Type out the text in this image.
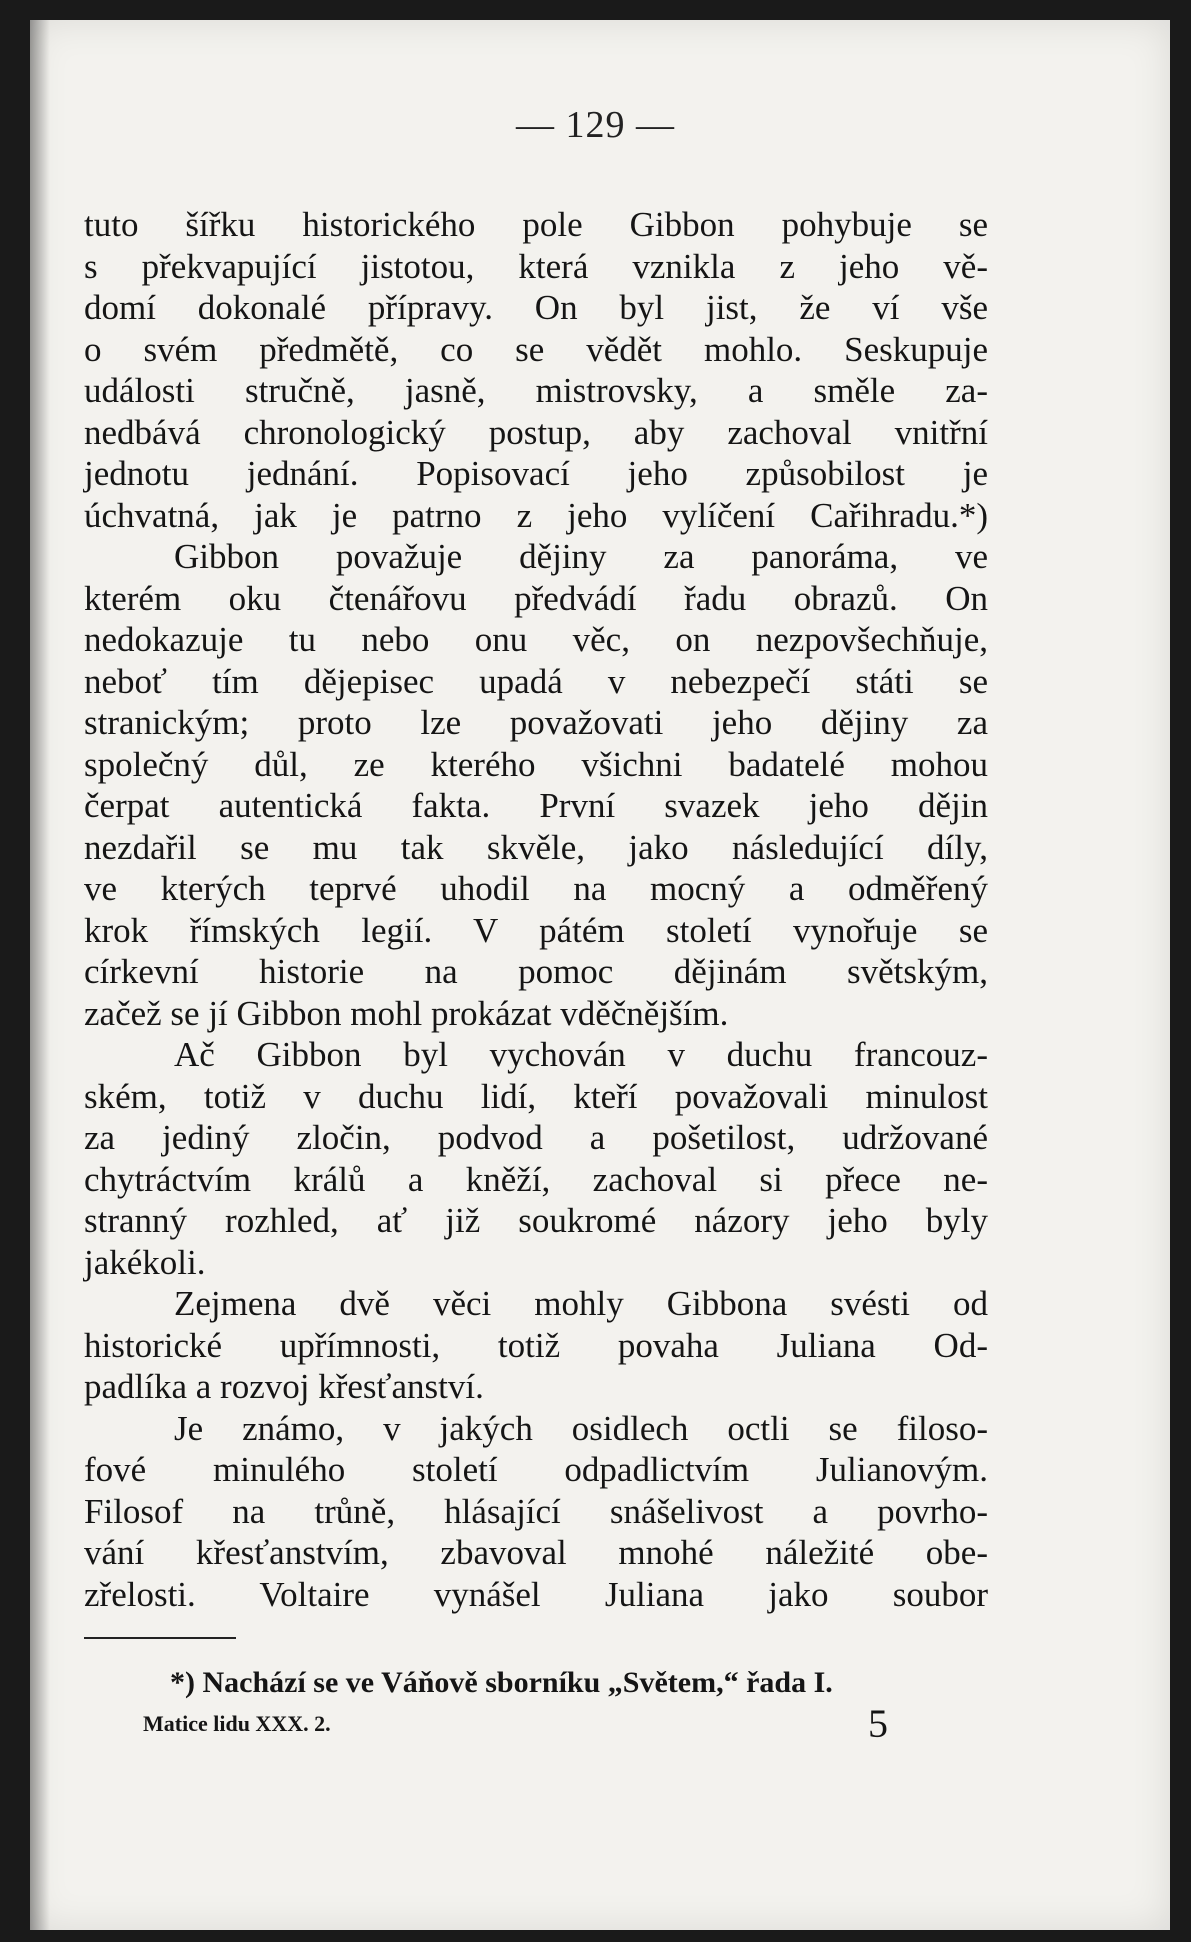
— 129 —
tuto šířku historického pole Gibbon pohybuje se
s překvapující jistotou, která vznikla z jeho vě-
domí dokonalé přípravy. On byl jist, že ví vše
o svém předmětě, co se vědět mohlo. Seskupuje
události stručně, jasně, mistrovsky, a směle za-
nedbává chronologický postup, aby zachoval vnitřní
jednotu jednání. Popisovací jeho způsobilost je
úchvatná, jak je patrno z jeho vylíčení Cařihradu.*)
Gibbon považuje dějiny za panoráma, ve
kterém oku čtenářovu předvádí řadu obrazů. On
nedokazuje tu nebo onu věc, on nezpovšechňuje,
neboť tím dějepisec upadá v nebezpečí státi se
stranickým; proto lze považovati jeho dějiny za
společný důl, ze kterého všichni badatelé mohou
čerpat autentická fakta. První svazek jeho dějin
nezdařil se mu tak skvěle, jako následující díly,
ve kterých teprvé uhodil na mocný a odměřený
krok římských legií. V pátém století vynořuje se
církevní historie na pomoc dějinám světským,
začež se jí Gibbon mohl prokázat vděčnějším.
Ač Gibbon byl vychován v duchu francouz-
ském, totiž v duchu lidí, kteří považovali minulost
za jediný zločin, podvod a pošetilost, udržované
chytráctvím králů a kněží, zachoval si přece ne-
stranný rozhled, ať již soukromé názory jeho byly
jakékoli.
Zejmena dvě věci mohly Gibbona svésti od
historické upřímnosti, totiž povaha Juliana Od-
padlíka a rozvoj křesťanství.
Je známo, v jakých osidlech octli se filoso-
fové minulého století odpadlictvím Julianovým.
Filosof na trůně, hlásající snášelivost a povrho-
vání křesťanstvím, zbavoval mnohé náležité obe-
zřelosti. Voltaire vynášel Juliana jako soubor
*) Nachází se ve Váňově sborníku „Světem,“ řada I.
Matice lidu XXX. 2.	5
